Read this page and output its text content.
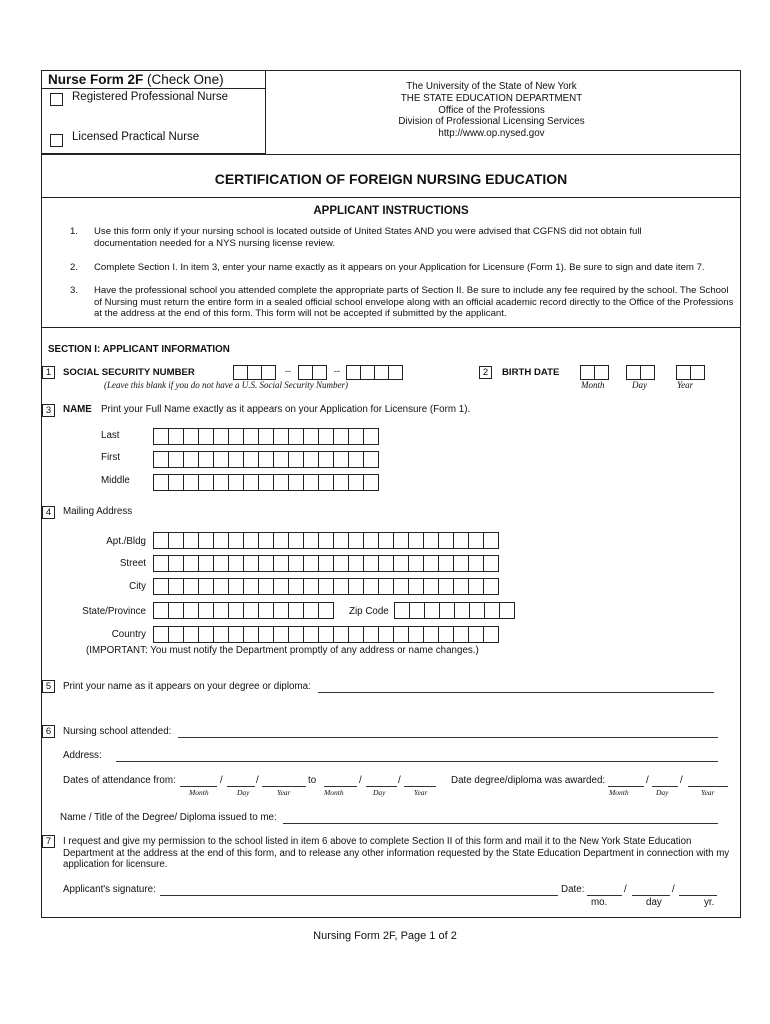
Nurse Form 2F (Check One)
Registered Professional Nurse
Licensed Practical Nurse
The University of the State of New York
THE STATE EDUCATION DEPARTMENT
Office of the Professions
Division of Professional Licensing Services
http://www.op.nysed.gov
CERTIFICATION OF FOREIGN NURSING EDUCATION
APPLICANT INSTRUCTIONS
1. Use this form only if your nursing school is located outside of United States AND you were advised that CGFNS did not obtain full documentation needed for a NYS nursing license review.
2. Complete Section I. In item 3, enter your name exactly as it appears on your Application for Licensure (Form 1). Be sure to sign and date item 7.
3. Have the professional school you attended complete the appropriate parts of Section II. Be sure to include any fee required by the school. The School of Nursing must return the entire form in a sealed official school envelope along with an official academic record directly to the Office of the Professions at the address at the end of this form. This form will not be accepted if submitted by the applicant.
SECTION I: APPLICANT INFORMATION
1	SOCIAL SECURITY NUMBER	--	--
(Leave this blank if you do not have a U.S. Social Security Number)
2	BIRTH DATE
Month	Day	Year
3	NAME Print your Full Name exactly as it appears on your Application for Licensure (Form 1).
Last
First
Middle
4	Mailing Address
Apt./Bldg
Street
City
State/Province	Zip Code
Country
(IMPORTANT: You must notify the Department promptly of any address or name changes.)
5	Print your name as it appears on your degree or diploma:
6	Nursing school attended:
Address:
Dates of attendance from:	/	/	to	/	/
Month	Day	Year	Month	Day	Year
Date degree/diploma was awarded:	/	/
Month	Day	Year
Name / Title of the Degree/ Diploma issued to me:
7	I request and give my permission to the school listed in item 6 above to complete Section II of this form and mail it to the New York State Education Department at the address at the end of this form, and to release any other information requested by the State Education Department in connection with my application for licensure.
Applicant's signature:	Date:	/	/
mo.	day	yr.
Nursing Form 2F, Page 1 of 2
